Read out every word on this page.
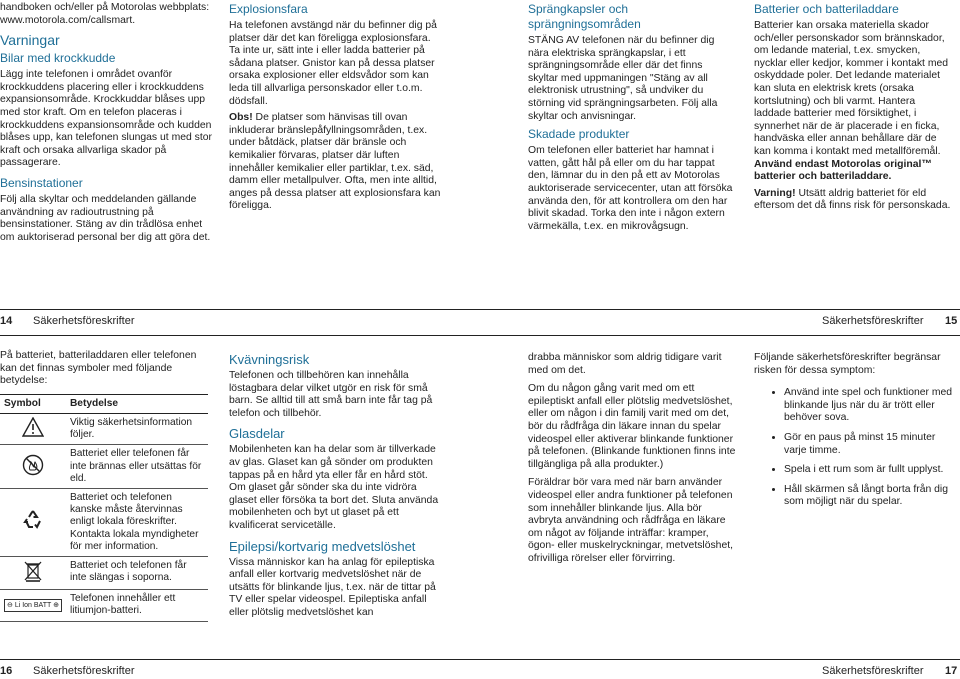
handboken och/eller på Motorolas webbplats: www.motorola.com/callsmart.

Varningar
Bilar med krockkudde

Lägg inte telefonen i området ovanför krockkuddens placering eller i krockkuddens expansionsområde. Krockkuddar blåses upp med stor kraft. Om en telefon placeras i krockkuddens expansionsområde och kudden blåses upp, kan telefonen slungas ut med stor kraft och orsaka allvarliga skador på passagerare.

Bensinstationer

Följ alla skyltar och meddelanden gällande användning av radioutrustning på bensinstationer. Stäng av din trådlösa enhet om auktoriserad personal ber dig att göra det.

Explosionsfara

Ha telefonen avstängd när du befinner dig på platser där det kan föreligga explosionsfara. Ta inte ur, sätt inte i eller ladda batterier på sådana platser. Gnistor kan på dessa platser orsaka explosioner eller eldsvådor som kan leda till allvarliga personskador eller t.o.m. dödsfall.

Obs! De platser som hänvisas till ovan inkluderar bränslepåfyllningsområden, t.ex. under båtdäck, platser där bränsle och kemikalier förvaras, platser där luften innehåller kemikalier eller partiklar, t.ex. säd, damm eller metallpulver. Ofta, men inte alltid, anges på dessa platser att explosionsfara kan föreligga.

Sprängkapsler och sprängningsområden

STÄNG AV telefonen när du befinner dig nära elektriska sprängkapslar, i ett sprängningsområde eller där det finns skyltar med uppmaningen "Stäng av all elektronisk utrustning", så undviker du störning vid sprängningsarbeten. Följ alla skyltar och anvisningar.

Skadade produkter

Om telefonen eller batteriet har hamnat i vatten, gått hål på eller om du har tappat den, lämnar du in den på ett av Motorolas auktoriserade servicecenter, utan att försöka använda den, för att kontrollera om den har blivit skadad. Torka den inte i någon extern värmekälla, t.ex. en mikrovågsugn.

Batterier och batteriladdare

Batterier kan orsaka materiella skador och/eller personskador som brännskador, om ledande material, t.ex. smycken, nycklar eller kedjor, kommer i kontakt med oskyddade poler. Det ledande materialet kan sluta en elektrisk krets (orsaka kortslutning) och bli varmt. Hantera laddade batterier med försiktighet, i synnerhet när de är placerade i en ficka, handväska eller annan behållare där de kan komma i kontakt med metallföremål. Använd endast Motorolas original™ batterier och batteriladdare.

Varning! Utsätt aldrig batteriet för eld eftersom det då finns risk för personskada.

14 Säkerhetsföreskrifter	Säkerhetsföreskrifter 15

På batteriet, batteriladdaren eller telefonen kan det finnas symboler med följande betydelse:

Symbol	Betydelse
	Viktig säkerhetsinformation följer.
	Batteriet eller telefonen får inte brännas eller utsättas för eld.
	Batteriet och telefonen kanske måste återvinnas enligt lokala föreskrifter. Kontakta lokala myndigheter för mer information.
	Batteriet och telefonen får inte slängas i soporna.
⊖ Li Ion BATT ⊕	Telefonen innehåller ett litiumjon-batteri.
Kvävningsrisk

Telefonen och tillbehören kan innehålla löstagbara delar vilket utgör en risk för små barn. Se alltid till att små barn inte får tag på telefon och tillbehör.

Glasdelar

Mobilenheten kan ha delar som är tillverkade av glas. Glaset kan gå sönder om produkten tappas på en hård yta eller får en hård stöt. Om glaset går sönder ska du inte vidröra glaset eller försöka ta bort det. Sluta använda mobilenheten och byt ut glaset på ett kvalificerat servicetälle.

Epilepsi/kortvarig medvetslöshet

Vissa människor kan ha anlag för epileptiska anfall eller kortvarig medvetslöshet när de utsätts för blinkande ljus, t.ex. när de tittar på TV eller spelar videospel. Epileptiska anfall eller plötslig medvetslöshet kan

drabba människor som aldrig tidigare varit med om det.

Om du någon gång varit med om ett epileptiskt anfall eller plötslig medvetslöshet, eller om någon i din familj varit med om det, bör du rådfråga din läkare innan du spelar videospel eller aktiverar blinkande funktioner på telefonen. (Blinkande funktionen finns inte tillgängliga på alla produkter.)

Föräldrar bör vara med när barn använder videospel eller andra funktioner på telefonen som innehåller blinkande ljus. Alla bör avbryta användning och rådfråga en läkare om något av följande inträffar: kramper, ögon- eller muskelryckningar, metvetslöshet, ofrivilliga rörelser eller förvirring.

Följande säkerhetsföreskrifter begränsar risken för dessa symptom:

• Använd inte spel och funktioner med blinkande ljus när du är trött eller behöver sova.
• Gör en paus på minst 15 minuter varje timme.
• Spela i ett rum som är fullt upplyst.
• Håll skärmen så långt borta från dig som möjligt när du spelar.
16 Säkerhetsföreskrifter	Säkerhetsföreskrifter 17
